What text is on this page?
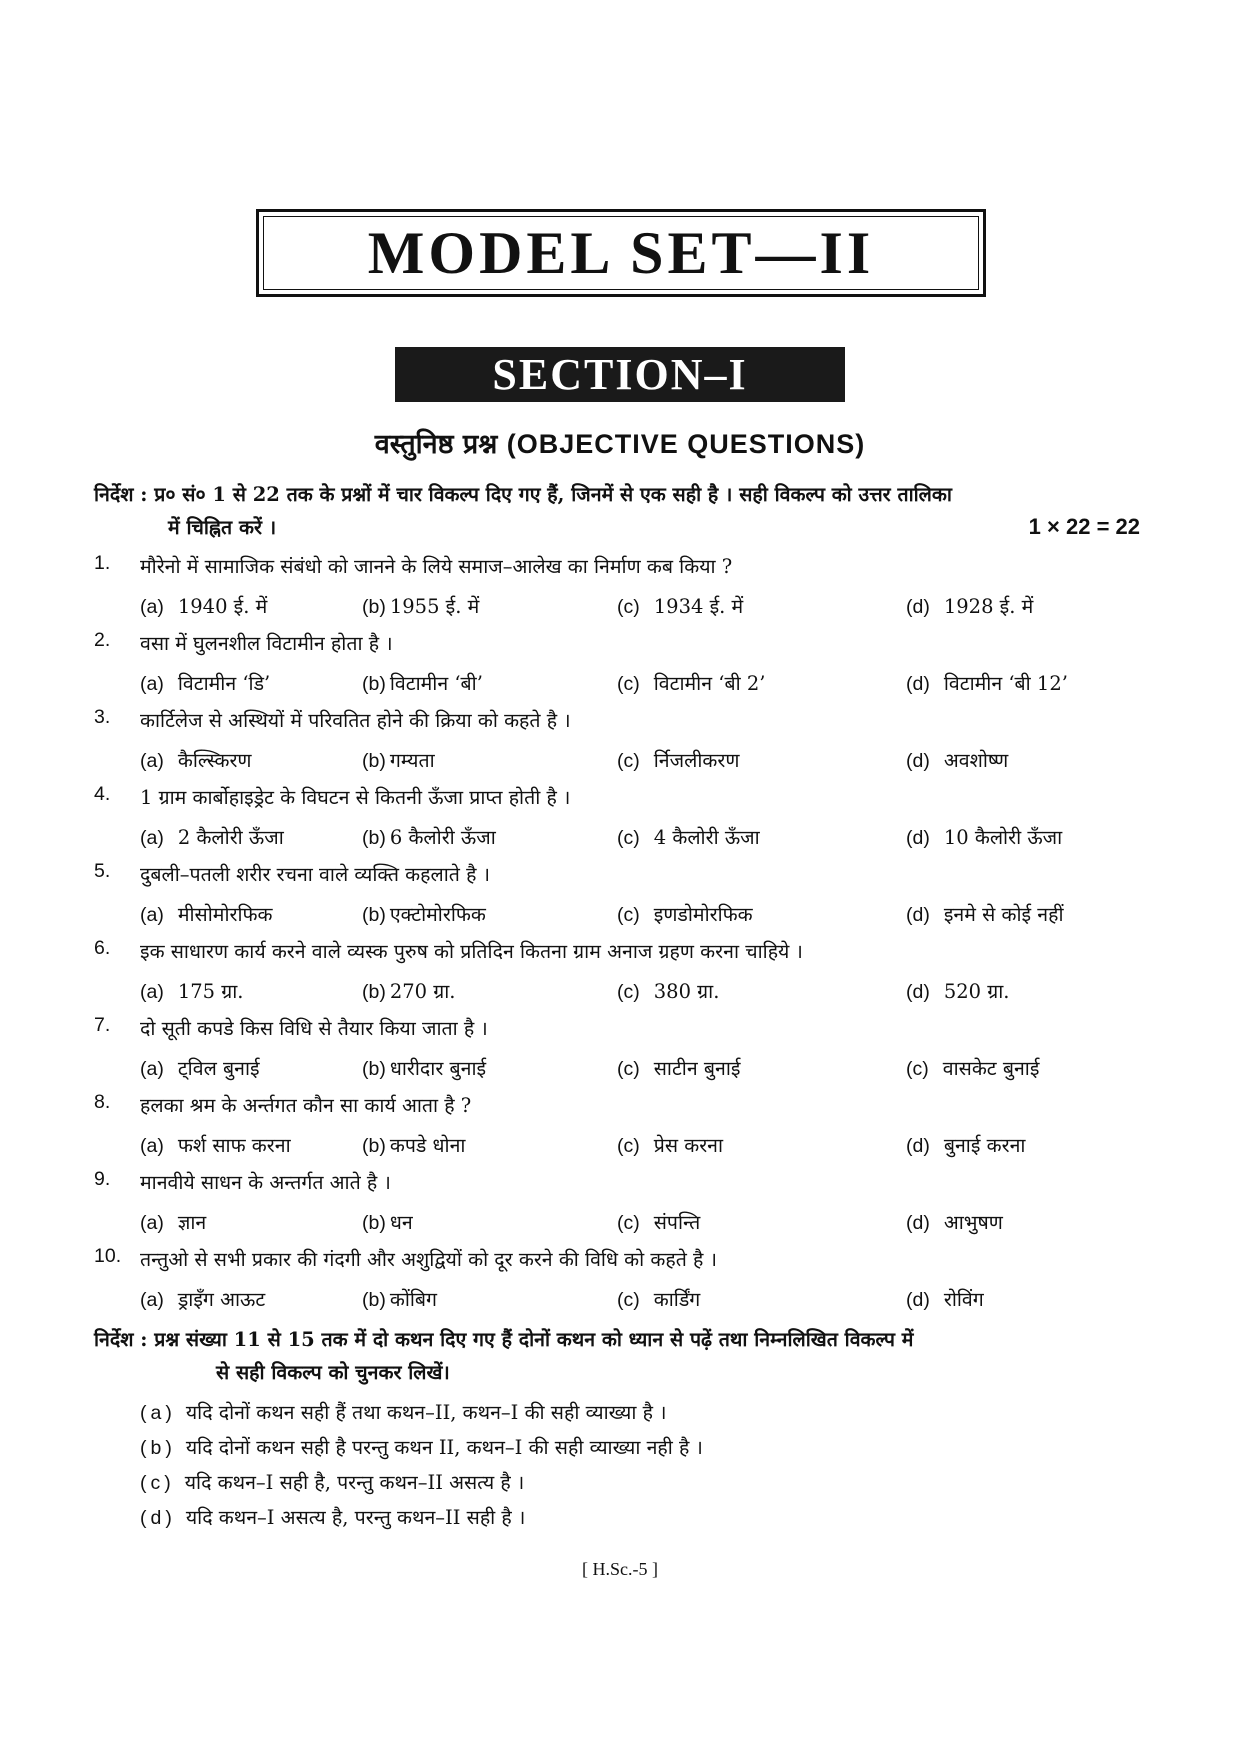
MODEL SET—II
SECTION–I
वस्तुनिष्ठ प्रश्न (OBJECTIVE QUESTIONS)
निर्देश : प्र० सं० 1 से 22 तक के प्रश्नों में चार विकल्प दिए गए हैं, जिनमें से एक सही है । सही विकल्प को उत्तर तालिका
में चिह्नित करें ।	1 × 22 = 22
1. मौरेनो में सामाजिक संबंधो को जानने के लिये समाज–आलेख का निर्माण कब किया ?
(a) 1940 ई. में	(b) 1955 ई. में	(c) 1934 ई. में	(d) 1928 ई. में
2. वसा में घुलनशील विटामीन होता है ।
(a) विटामीन ‘डि’	(b) विटामीन ‘बी’	(c) विटामीन ‘बी 2’	(d) विटामीन ‘बी 12’
3. कार्टिलेज से अस्थियों में परिवतित होने की क्रिया को कहते है ।
(a) कैल्स्किरण	(b) गम्यता	(c) र्निजलीकरण	(d) अवशोष्ण
4. 1 ग्राम कार्बोहाइड्रेट के विघटन से कितनी ऊँजा प्राप्त होती है ।
(a) 2 कैलोरी ऊँजा	(b) 6 कैलोरी ऊँजा	(c) 4 कैलोरी ऊँजा	(d) 10 कैलोरी ऊँजा
5. दुबली–पतली शरीर रचना वाले व्यक्ति कहलाते है ।
(a) मीसोमोरफिक	(b) एक्टोमोरफिक	(c) इणडोमोरफिक	(d) इनमे से कोई नहीं
6. इक साधारण कार्य करने वाले व्यस्क पुरुष को प्रतिदिन कितना ग्राम अनाज ग्रहण करना चाहिये ।
(a) 175 ग्रा.	(b) 270 ग्रा.	(c) 380 ग्रा.	(d) 520 ग्रा.
7. दो सूती कपडे किस विधि से तैयार किया जाता है ।
(a) ट्विल बुनाई	(b) धारीदार बुनाई	(c) साटीन बुनाई	(c) वासकेट बुनाई
8. हलका श्रम के अर्न्तगत कौन सा कार्य आता है ?
(a) फर्श साफ करना	(b) कपडे धोना	(c) प्रेस करना	(d) बुनाई करना
9. मानवीये साधन के अन्तर्गत आते है ।
(a) ज्ञान	(b) धन	(c) संपन्ति	(d) आभुषण
10. तन्तुओ से सभी प्रकार की गंदगी और अशुद्वियों को दूर करने की विधि को कहते है ।
(a) ड्राइँग आऊट	(b) कोंबिग	(c) कार्डिंग	(d) रोविंग
निर्देश : प्रश्न संख्या 11 से 15 तक में दो कथन दिए गए हैं दोनों कथन को ध्यान से पढ़ें तथा निम्नलिखित विकल्प में
से सही विकल्प को चुनकर लिखें।
(a) यदि दोनों कथन सही हैं तथा कथन–II, कथन–I की सही व्याख्या है ।
(b) यदि दोनों कथन सही है परन्तु कथन II, कथन–I की सही व्याख्या नही है ।
(c) यदि कथन–I सही है, परन्तु कथन–II असत्य है ।
(d) यदि कथन–I असत्य है, परन्तु कथन–II सही है ।
[ H.Sc.-5 ]
